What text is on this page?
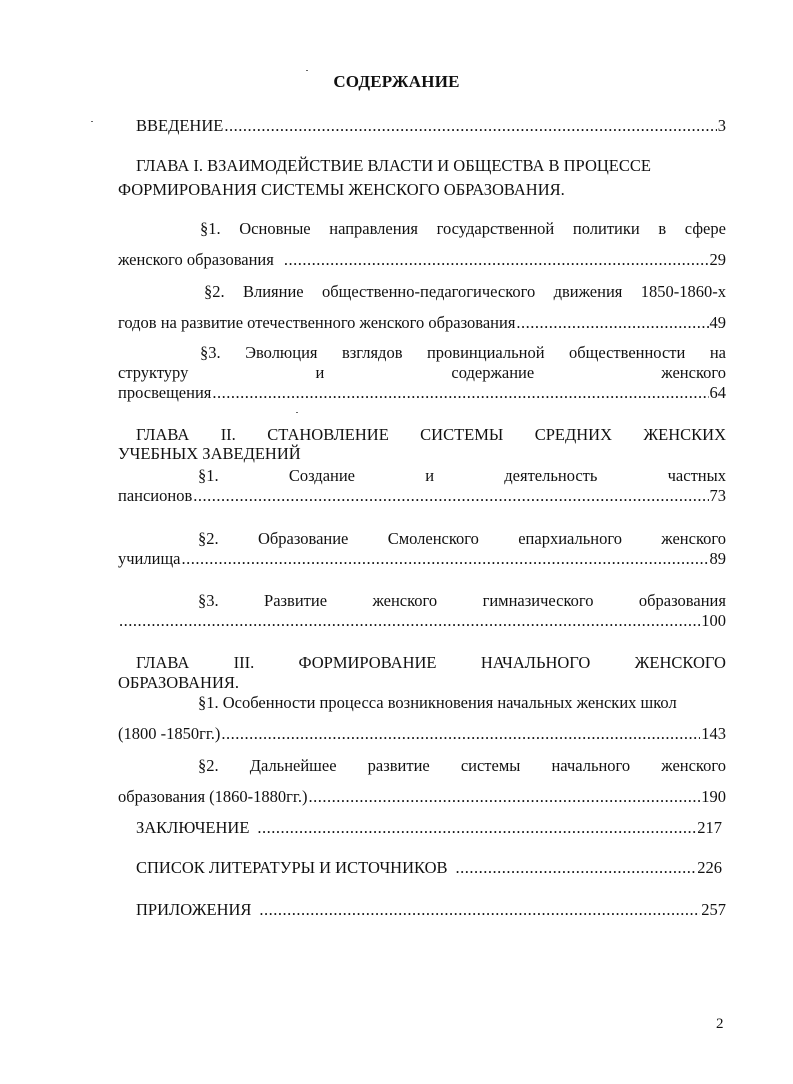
СОДЕРЖАНИЕ
ВВЕДЕНИЕ .....	3
ГЛАВА I. ВЗАИМОДЕЙСТВИЕ ВЛАСТИ И ОБЩЕСТВА В ПРОЦЕССЕ
ФОРМИРОВАНИЯ СИСТЕМЫ ЖЕНСКОГО ОБРАЗОВАНИЯ.
§1. Основные направления государственной политики в сфере
женского образования .....	29
§2. Влияние общественно-педагогического движения 1850-1860-х
годов на развитие отечественного женского образования .....	49
§3. Эволюция взглядов провинциальной общественности на
структуру	и	содержание	женского
просвещения .....	64
ГЛАВА II. СТАНОВЛЕНИЕ СИСТЕМЫ СРЕДНИХ ЖЕНСКИХ
УЧЕБНЫХ ЗАВЕДЕНИЙ
§1.	Создание	и	деятельность	частных
пансионов .....	73
§2. Образование Смоленского епархиального женского
училища .....	89
§3.	Развитие	женского	гимназического	образования
.....
100
ГЛАВА	III.	ФОРМИРОВАНИЕ	НАЧАЛЬНОГО	ЖЕНСКОГО
ОБРАЗОВАНИЯ.
§1. Особенности процесса возникновения начальных женских школ
(1800 -1850гг.) .....	143
§2. Дальнейшее развитие системы начального женского
образования (1860-1880гг.) .....	190
ЗАКЛЮЧЕНИЕ .....	217
СПИСОК ЛИТЕРАТУРЫ И ИСТОЧНИКОВ .....	226
ПРИЛОЖЕНИЯ .....	257
2
